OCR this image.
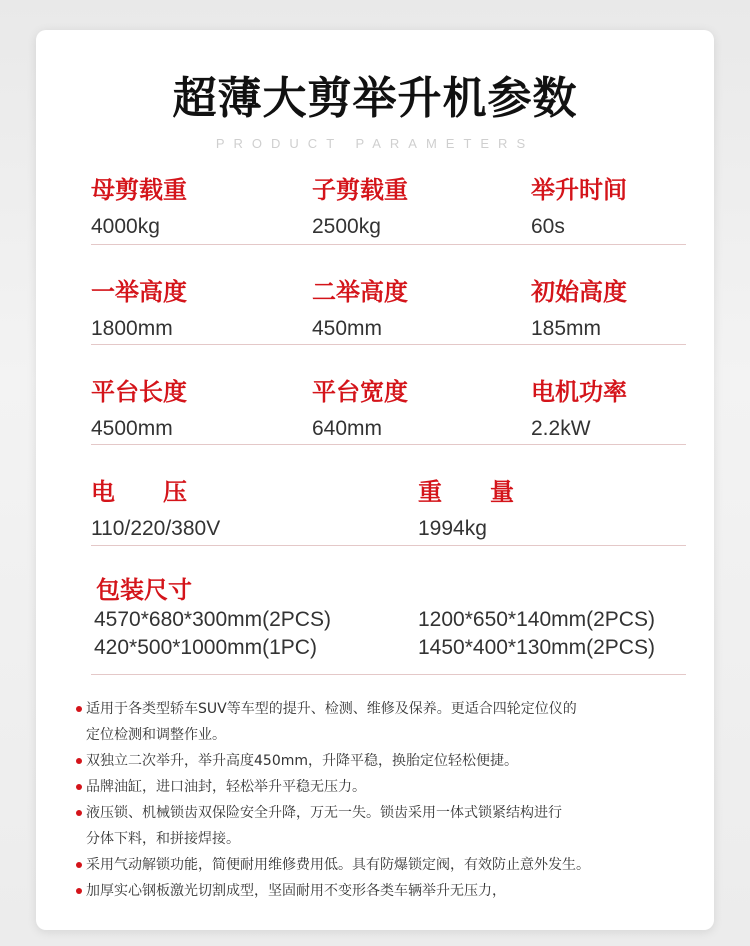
超薄大剪举升机参数
PRODUCT PARAMETERS
母剪载重
4000kg
子剪载重
2500kg
举升时间
60s
一举高度
1800mm
二举高度
450mm
初始高度
185mm
平台长度
4500mm
平台宽度
640mm
电机功率
2.2kW
电　　压
110/220/380V
重　　量
1994kg
包装尺寸
4570*680*300mm(2PCS)	1200*650*140mm(2PCS)
420*500*1000mm(1PC)	1450*400*130mm(2PCS)
适用于各类型轿车SUV等车型的提升、检测、维修及保养。更适合四轮定位仪的
定位检测和调整作业。
双独立二次举升，举升高度450mm，升降平稳，换胎定位轻松便捷。
品牌油缸，进口油封，轻松举升平稳无压力。
液压锁、机械锁齿双保险安全升降，万无一失。锁齿采用一体式锁紧结构进行
分体下料，和拼接焊接。
采用气动解锁功能，简便耐用维修费用低。具有防爆锁定阀，有效防止意外发生。
加厚实心钢板激光切割成型，坚固耐用不变形各类车辆举升无压力，
